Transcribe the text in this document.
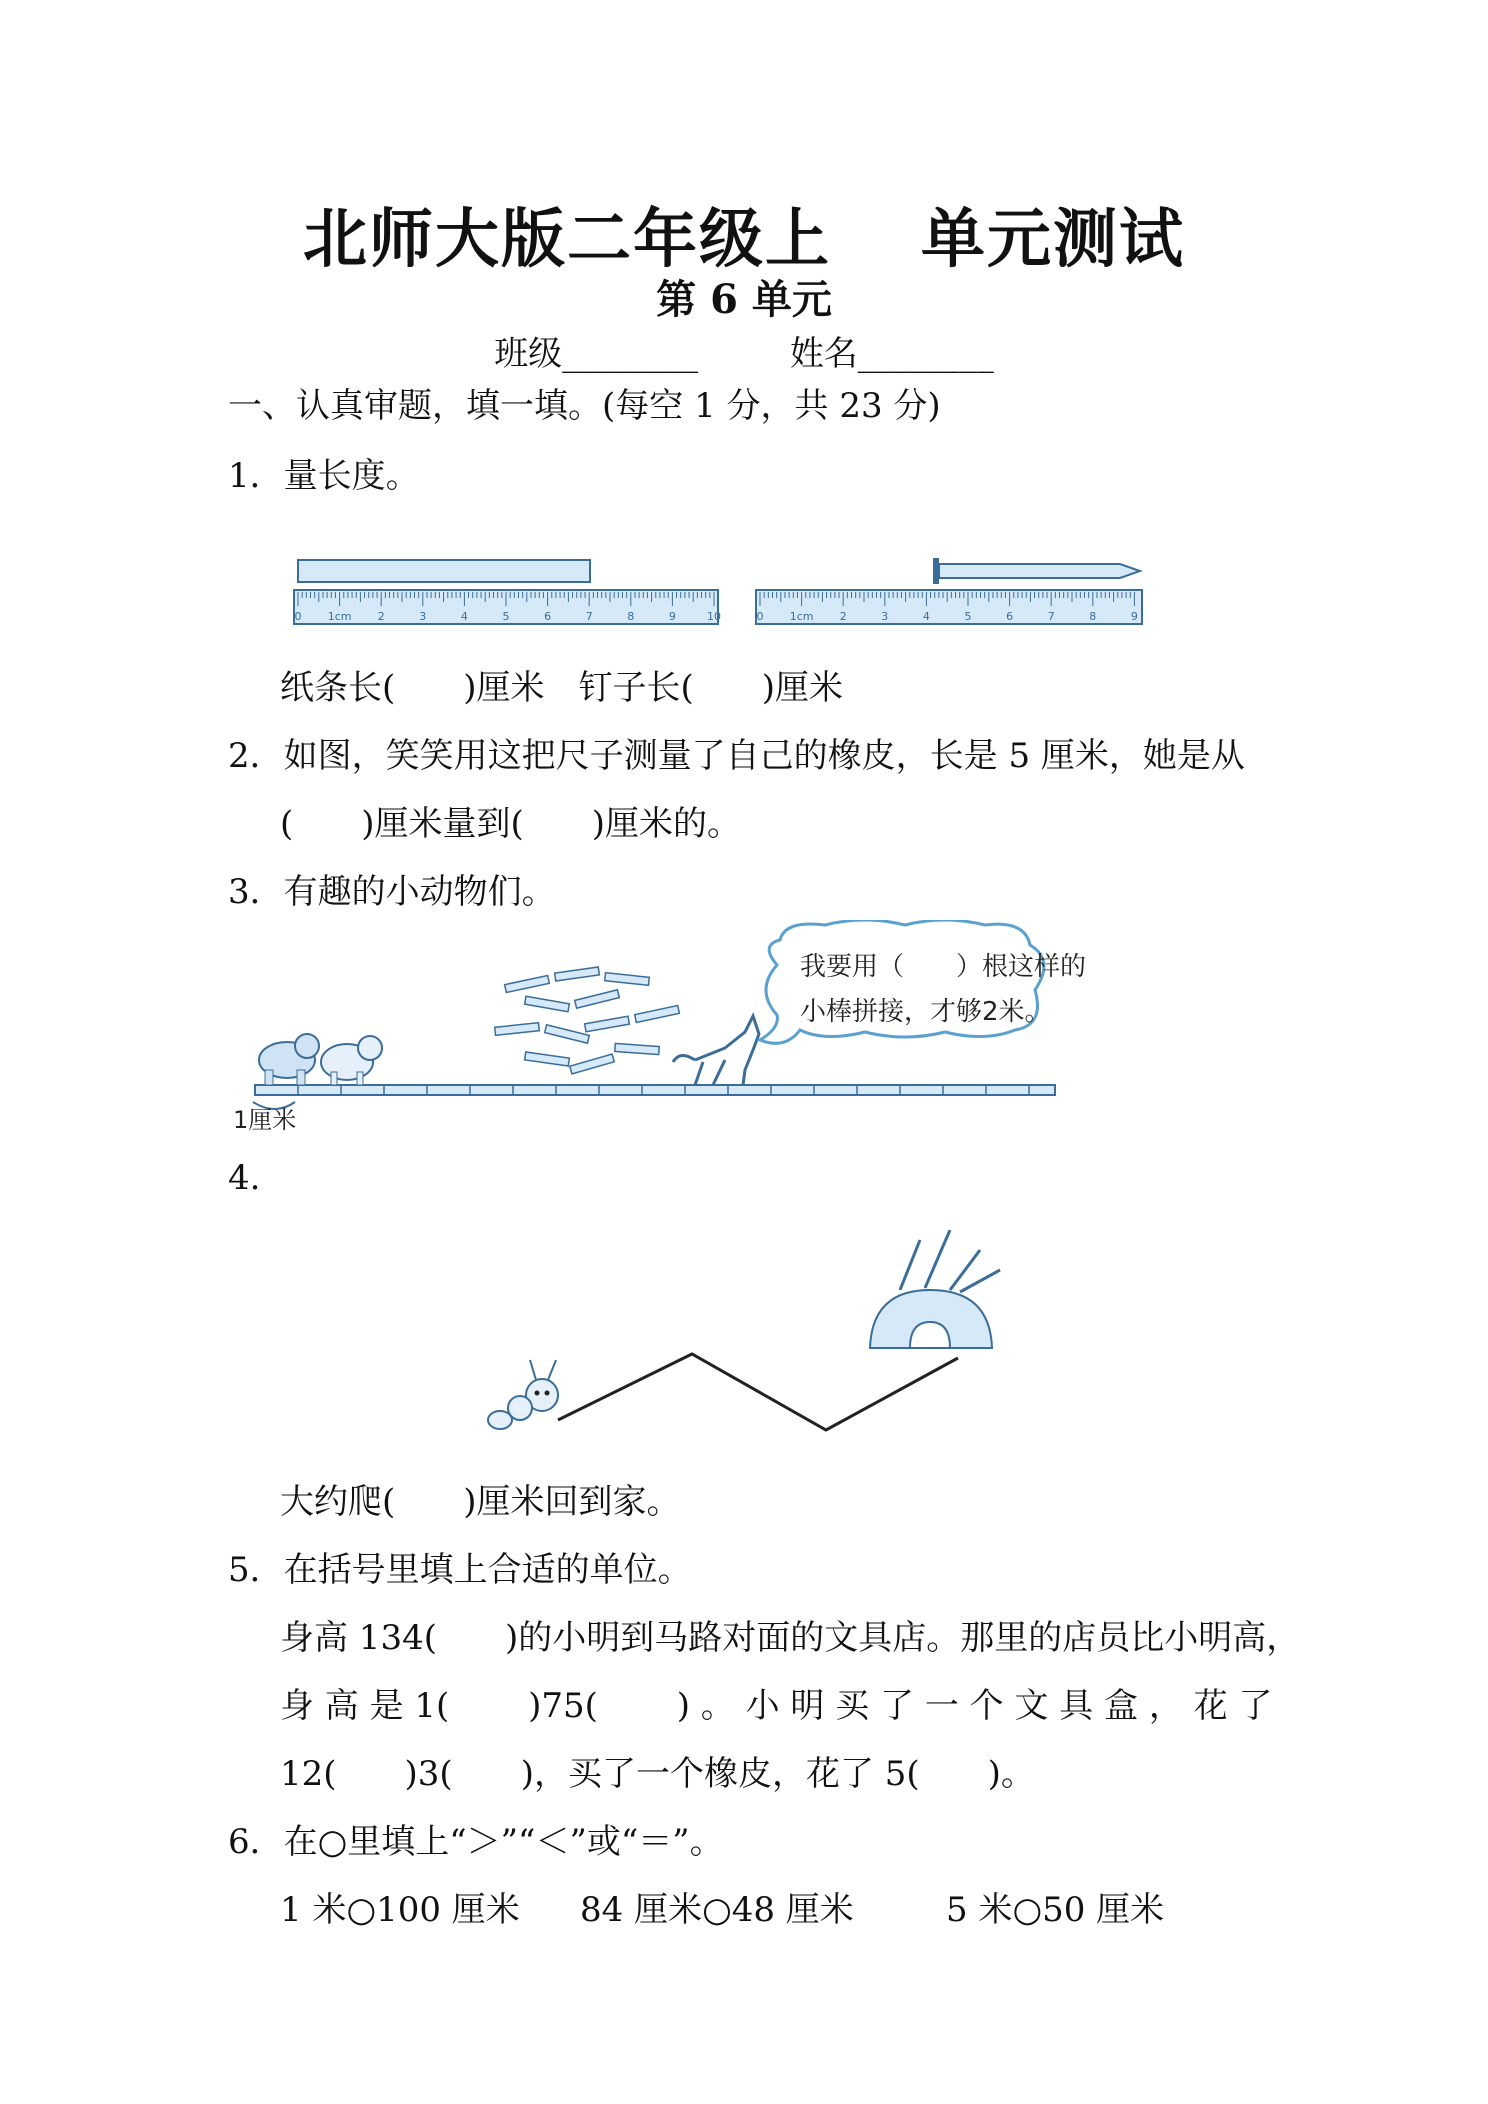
北师大版二年级上 单元测试
第 6 单元
班级________	姓名________
一、认真审题，填一填。(每空 1 分，共 23 分)
1．量长度。
0 1cm 2	3	4	5	6	7	8	9	10	0 1cm 2	3	4	5	6	7	8	9
纸条长(　　)厘米　钉子长(　　)厘米
2．如图，笑笑用这把尺子测量了自己的橡皮，长是 5 厘米，她是从
(　　)厘米量到(　　)厘米的。
3．有趣的小动物们。
我要用（　　）根这样的
小棒拼接，才够2米。
1厘米
4.
大约爬(　　)厘米回到家。
5．在括号里填上合适的单位。
身高 134(　　)的小明到马路对面的文具店。那里的店员比小明高，
身 高 是 1(　　 )75(　　 ) 。 小 明 买 了 一 个 文 具 盒 ， 花 了
12(　　)3(　　)，买了一个橡皮，花了 5(　　)。
6．在○里填上“＞”“＜”或“＝”。
1 米○100 厘米 84 厘米○48 厘米	5 米○50 厘米
